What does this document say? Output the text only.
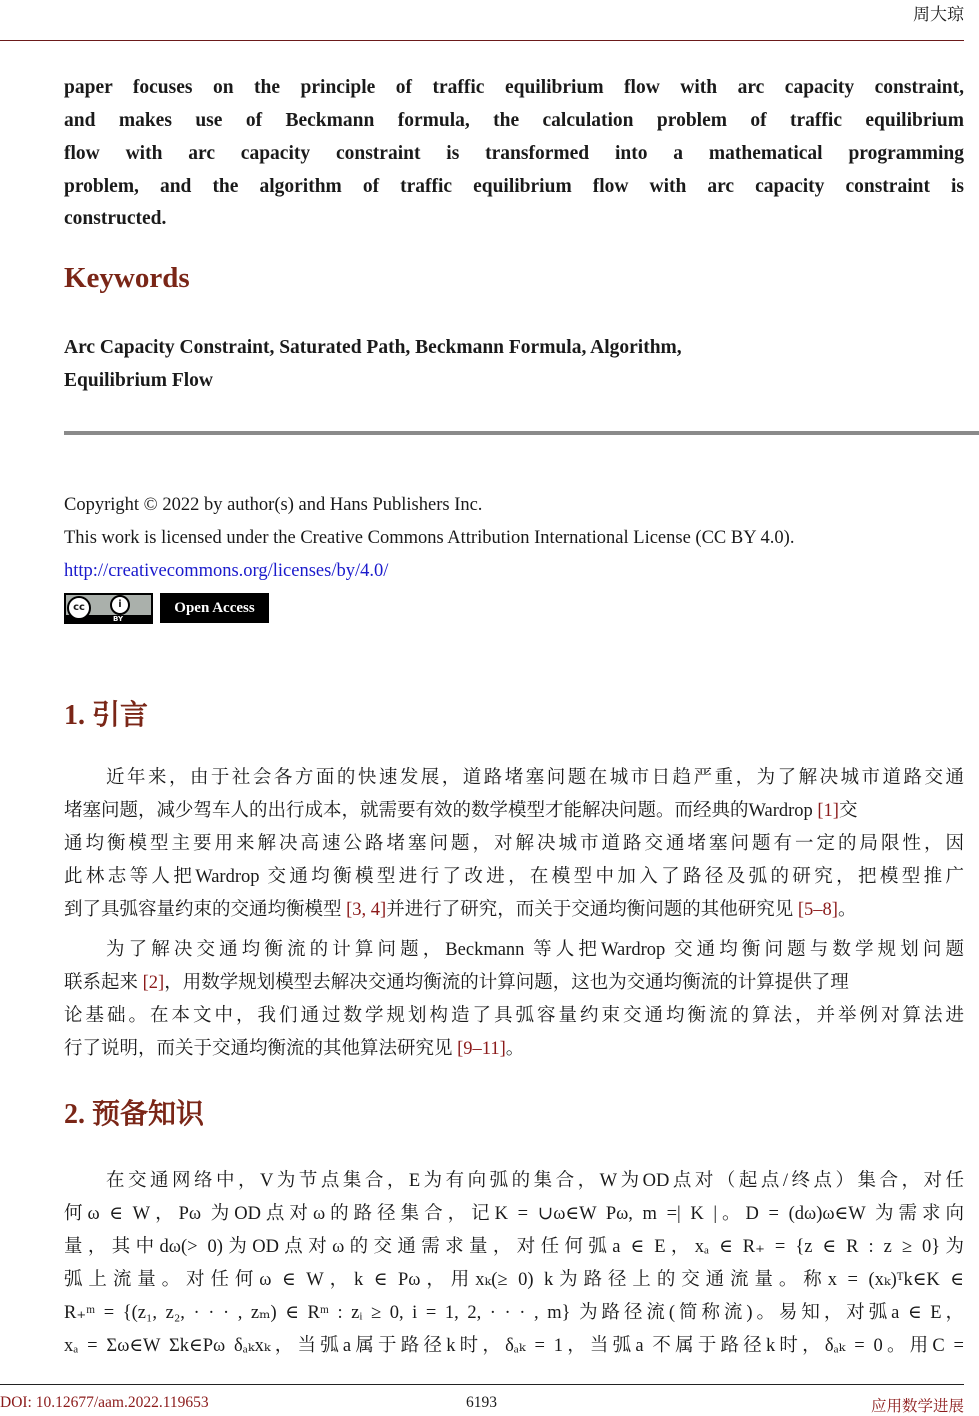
周大琼
paper focuses on the principle of traffic equilibrium flow with arc capacity constraint,
and makes use of Beckmann formula, the calculation problem of traffic equilibrium
flow with arc capacity constraint is transformed into a mathematical programming
problem, and the algorithm of traffic equilibrium flow with arc capacity constraint is
constructed.
Keywords
Arc Capacity Constraint, Saturated Path, Beckmann Formula, Algorithm,
Equilibrium Flow
Copyright © 2022 by author(s) and Hans Publishers Inc.
This work is licensed under the Creative Commons Attribution International License (CC BY 4.0).
http://creativecommons.org/licenses/by/4.0/
cc	i
BY
Open Access
1. 引言
近年来，由于社会各方面的快速发展，道路堵塞问题在城市日趋严重，为了解决城市道路交通
堵塞问题，减少驾车人的出行成本，就需要有效的数学模型才能解决问题。而经典的Wardrop [1]交
通均衡模型主要用来解决高速公路堵塞问题，对解决城市道路交通堵塞问题有一定的局限性，因
此林志等人把Wardrop 交通均衡模型进行了改进，在模型中加入了路径及弧的研究，把模型推广
到了具弧容量约束的交通均衡模型 [3, 4]并进行了研究，而关于交通均衡问题的其他研究见 [5–8]。
为了解决交通均衡流的计算问题，Beckmann 等人把Wardrop 交通均衡问题与数学规划问题
联系起来 [2]，用数学规划模型去解决交通均衡流的计算问题，这也为交通均衡流的计算提供了理
论基础。在本文中，我们通过数学规划构造了具弧容量约束交通均衡流的算法，并举例对算法进
行了说明，而关于交通均衡流的其他算法研究见 [9–11]。
2. 预备知识
在交通网络中，V为节点集合，E为有向弧的集合，W为OD点对（起点/终点）集合，对任
何ω ∈ W，Pω 为OD点对ω的路径集合，记K = ∪ω∈W Pω, m =| K |。D = (dω)ω∈W 为需求向
量，其中dω(> 0)为OD点对ω的交通需求量，对任何弧a ∈ E，xₐ ∈ R₊ = {z ∈ R : z ≥ 0}为
弧上流量。对任何ω ∈ W，k ∈ Pω，用xₖ(≥ 0) k为路径上的交通流量。称x = (xₖ)ᵀk∈K ∈
R₊ᵐ = {(z₁, z₂, · · · , zₘ) ∈ Rᵐ : zᵢ ≥ 0, i = 1, 2, · · · , m} 为路径流(简称流)。易知，对弧a ∈ E，
xₐ = Σω∈W Σk∈Pω δₐₖxₖ，当弧a属于路径k时，δₐₖ = 1，当弧a 不属于路径k时，δₐₖ = 0。用C =
DOI: 10.12677/aam.2022.119653	6193	应用数学进展
